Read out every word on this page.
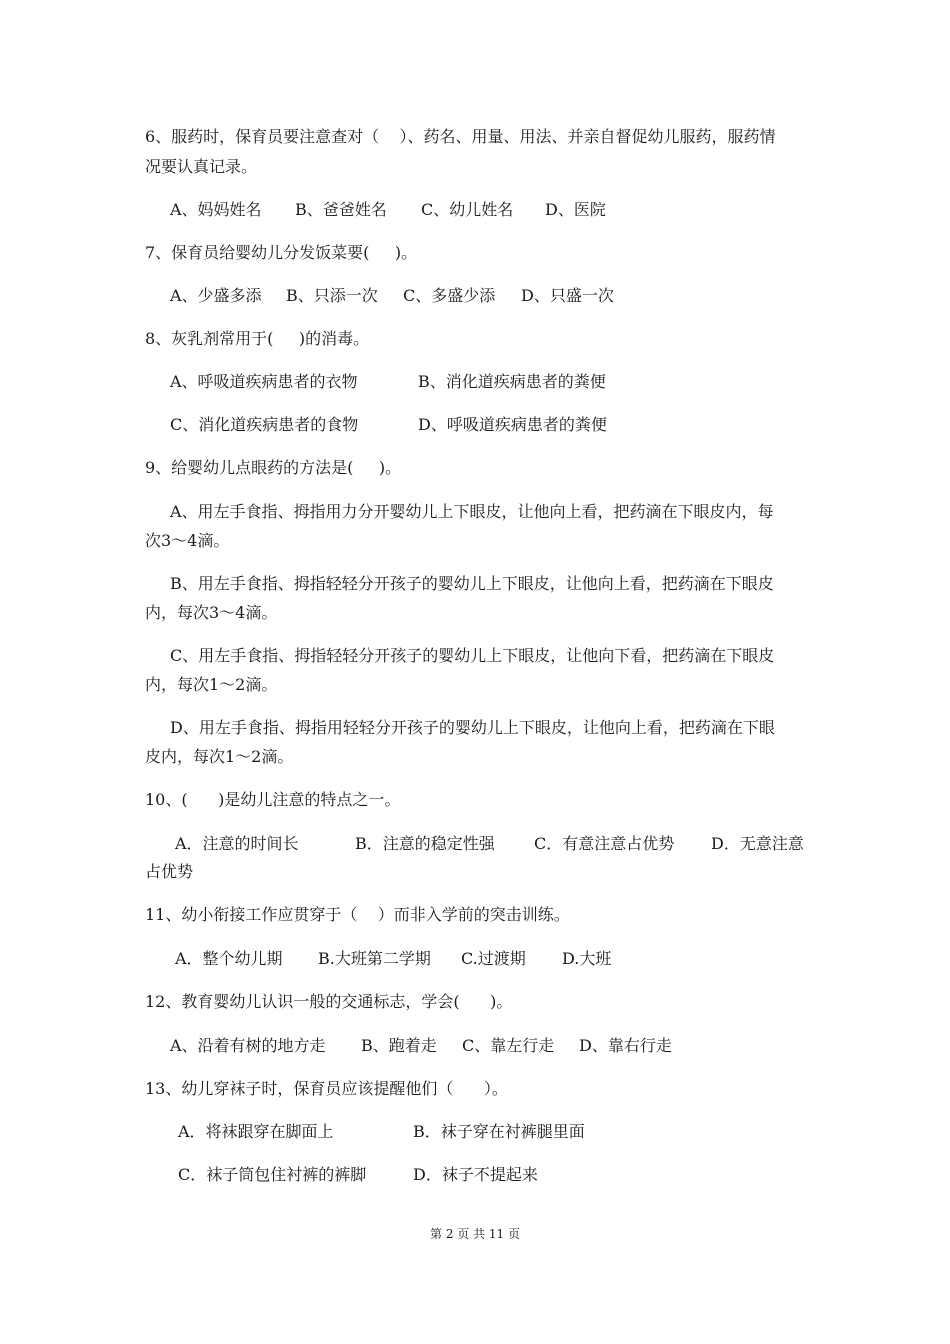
6、服药时，保育员要注意查对（    ）、药名、用量、用法、并亲自督促幼儿服药，服药情
况要认真记录。
A、妈妈姓名 B、爸爸姓名 C、幼儿姓名 D、医院
7、保育员给婴幼儿分发饭菜要(     )。
A、少盛多添 B、只添一次 C、多盛少添 D、只盛一次
8、灰乳剂常用于(     )的消毒。
A、呼吸道疾病患者的衣物	B、消化道疾病患者的粪便
C、消化道疾病患者的食物	D、呼吸道疾病患者的粪便
9、给婴幼儿点眼药的方法是(     )。
A、用左手食指、拇指用力分开婴幼儿上下眼皮，让他向上看，把药滴在下眼皮内，每
次3～4滴。
B、用左手食指、拇指轻轻分开孩子的婴幼儿上下眼皮，让他向上看，把药滴在下眼皮
内，每次3～4滴。
C、用左手食指、拇指轻轻分开孩子的婴幼儿上下眼皮，让他向下看，把药滴在下眼皮
内，每次1～2滴。
D、用左手食指、拇指用轻轻分开孩子的婴幼儿上下眼皮，让他向上看，把药滴在下眼
皮内，每次1～2滴。
10、(      )是幼儿注意的特点之一。
A．注意的时间长	B．注意的稳定性强 C．有意注意占优势 D．无意注意
占优势
11、幼小衔接工作应贯穿于（    ）而非入学前的突击训练。
A．整个幼儿期 B.大班第二学期 C.过渡期 D.大班
12、教育婴幼儿认识一般的交通标志，学会(      )。
A、沿着有树的地方走 B、跑着走 C、靠左行走 D、靠右行走
13、幼儿穿袜子时，保育员应该提醒他们（      ）。
A．将袜跟穿在脚面上	B．袜子穿在衬裤腿里面
C．袜子筒包住衬裤的裤脚	D．袜子不提起来
第 2 页 共 11 页
